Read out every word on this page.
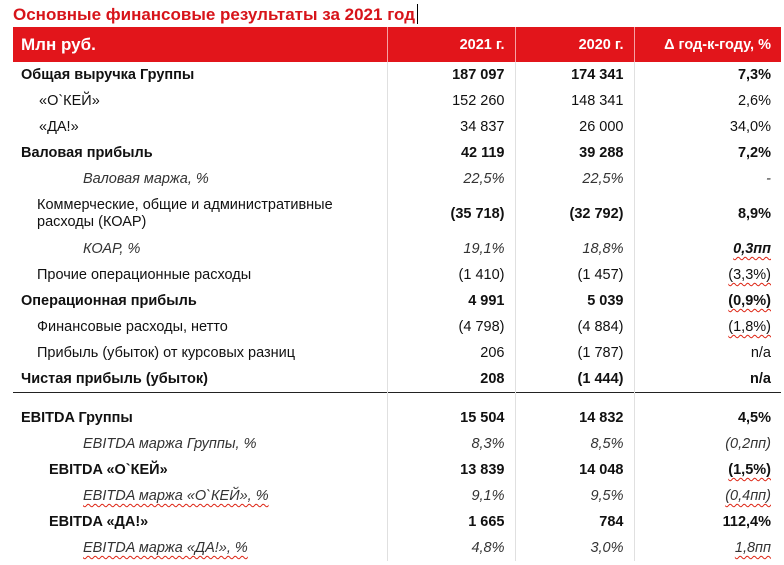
Основные финансовые результаты за 2021 год
Млн руб.	2021 г.	2020 г.	Δ год-к-году, %
Общая выручка Группы	187 097	174 341	7,3%
«О`КЕЙ»	152 260	148 341	2,6%
«ДА!»	34 837	26 000	34,0%
Валовая прибыль	42 119	39 288	7,2%
Валовая маржа, %	22,5%	22,5%	-
Коммерческие, общие и административные расходы (КОАР)	(35 718)	(32 792)	8,9%
КОАР, %	19,1%	18,8%	0,3пп
Прочие операционные расходы	(1 410)	(1 457)	(3,3%)
Операционная прибыль	4 991	5 039	(0,9%)
Финансовые расходы, нетто	(4 798)	(4 884)	(1,8%)
Прибыль (убыток) от курсовых разниц	206	(1 787)	n/a
Чистая прибыль (убыток)	208	(1 444)	n/a

EBITDA Группы	15 504	14 832	4,5%
EBITDA маржа Группы, %	8,3%	8,5%	(0,2пп)
EBITDA «О`КЕЙ»	13 839	14 048	(1,5%)
EBITDA маржа «О`КЕЙ», %	9,1%	9,5%	(0,4пп)
EBITDA «ДА!»	1 665	784	112,4%
EBITDA маржа «ДА!», %	4,8%	3,0%	1,8пп
